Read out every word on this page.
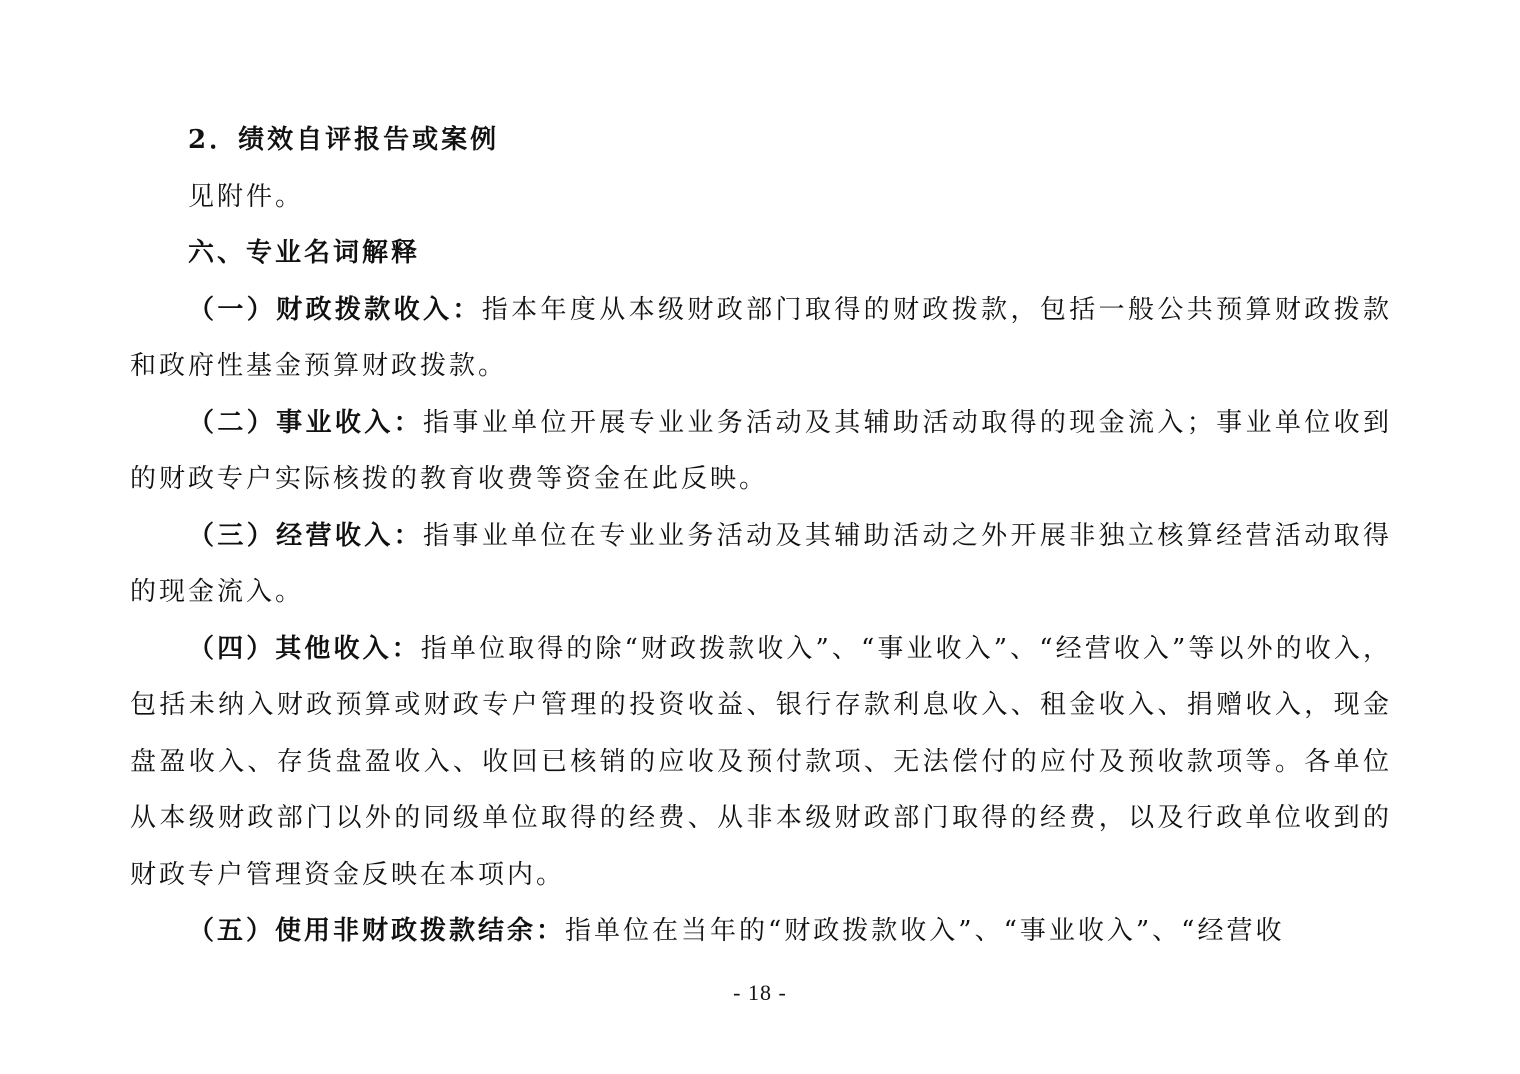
2．绩效自评报告或案例

见附件。

六、专业名词解释

（一）财政拨款收入：指本年度从本级财政部门取得的财政拨款，包括一般公共预算财政拨款和政府性基金预算财政拨款。

（二）事业收入：指事业单位开展专业业务活动及其辅助活动取得的现金流入；事业单位收到的财政专户实际核拨的教育收费等资金在此反映。

（三）经营收入：指事业单位在专业业务活动及其辅助活动之外开展非独立核算经营活动取得的现金流入。

（四）其他收入：指单位取得的除“财政拨款收入”、“事业收入”、“经营收入”等以外的收入，包括未纳入财政预算或财政专户管理的投资收益、银行存款利息收入、租金收入、捐赠收入，现金盘盈收入、存货盘盈收入、收回已核销的应收及预付款项、无法偿付的应付及预收款项等。各单位从本级财政部门以外的同级单位取得的经费、从非本级财政部门取得的经费，以及行政单位收到的财政专户管理资金反映在本项内。

（五）使用非财政拨款结余：指单位在当年的“财政拨款收入”、“事业收入”、“经营收

- 18 -
